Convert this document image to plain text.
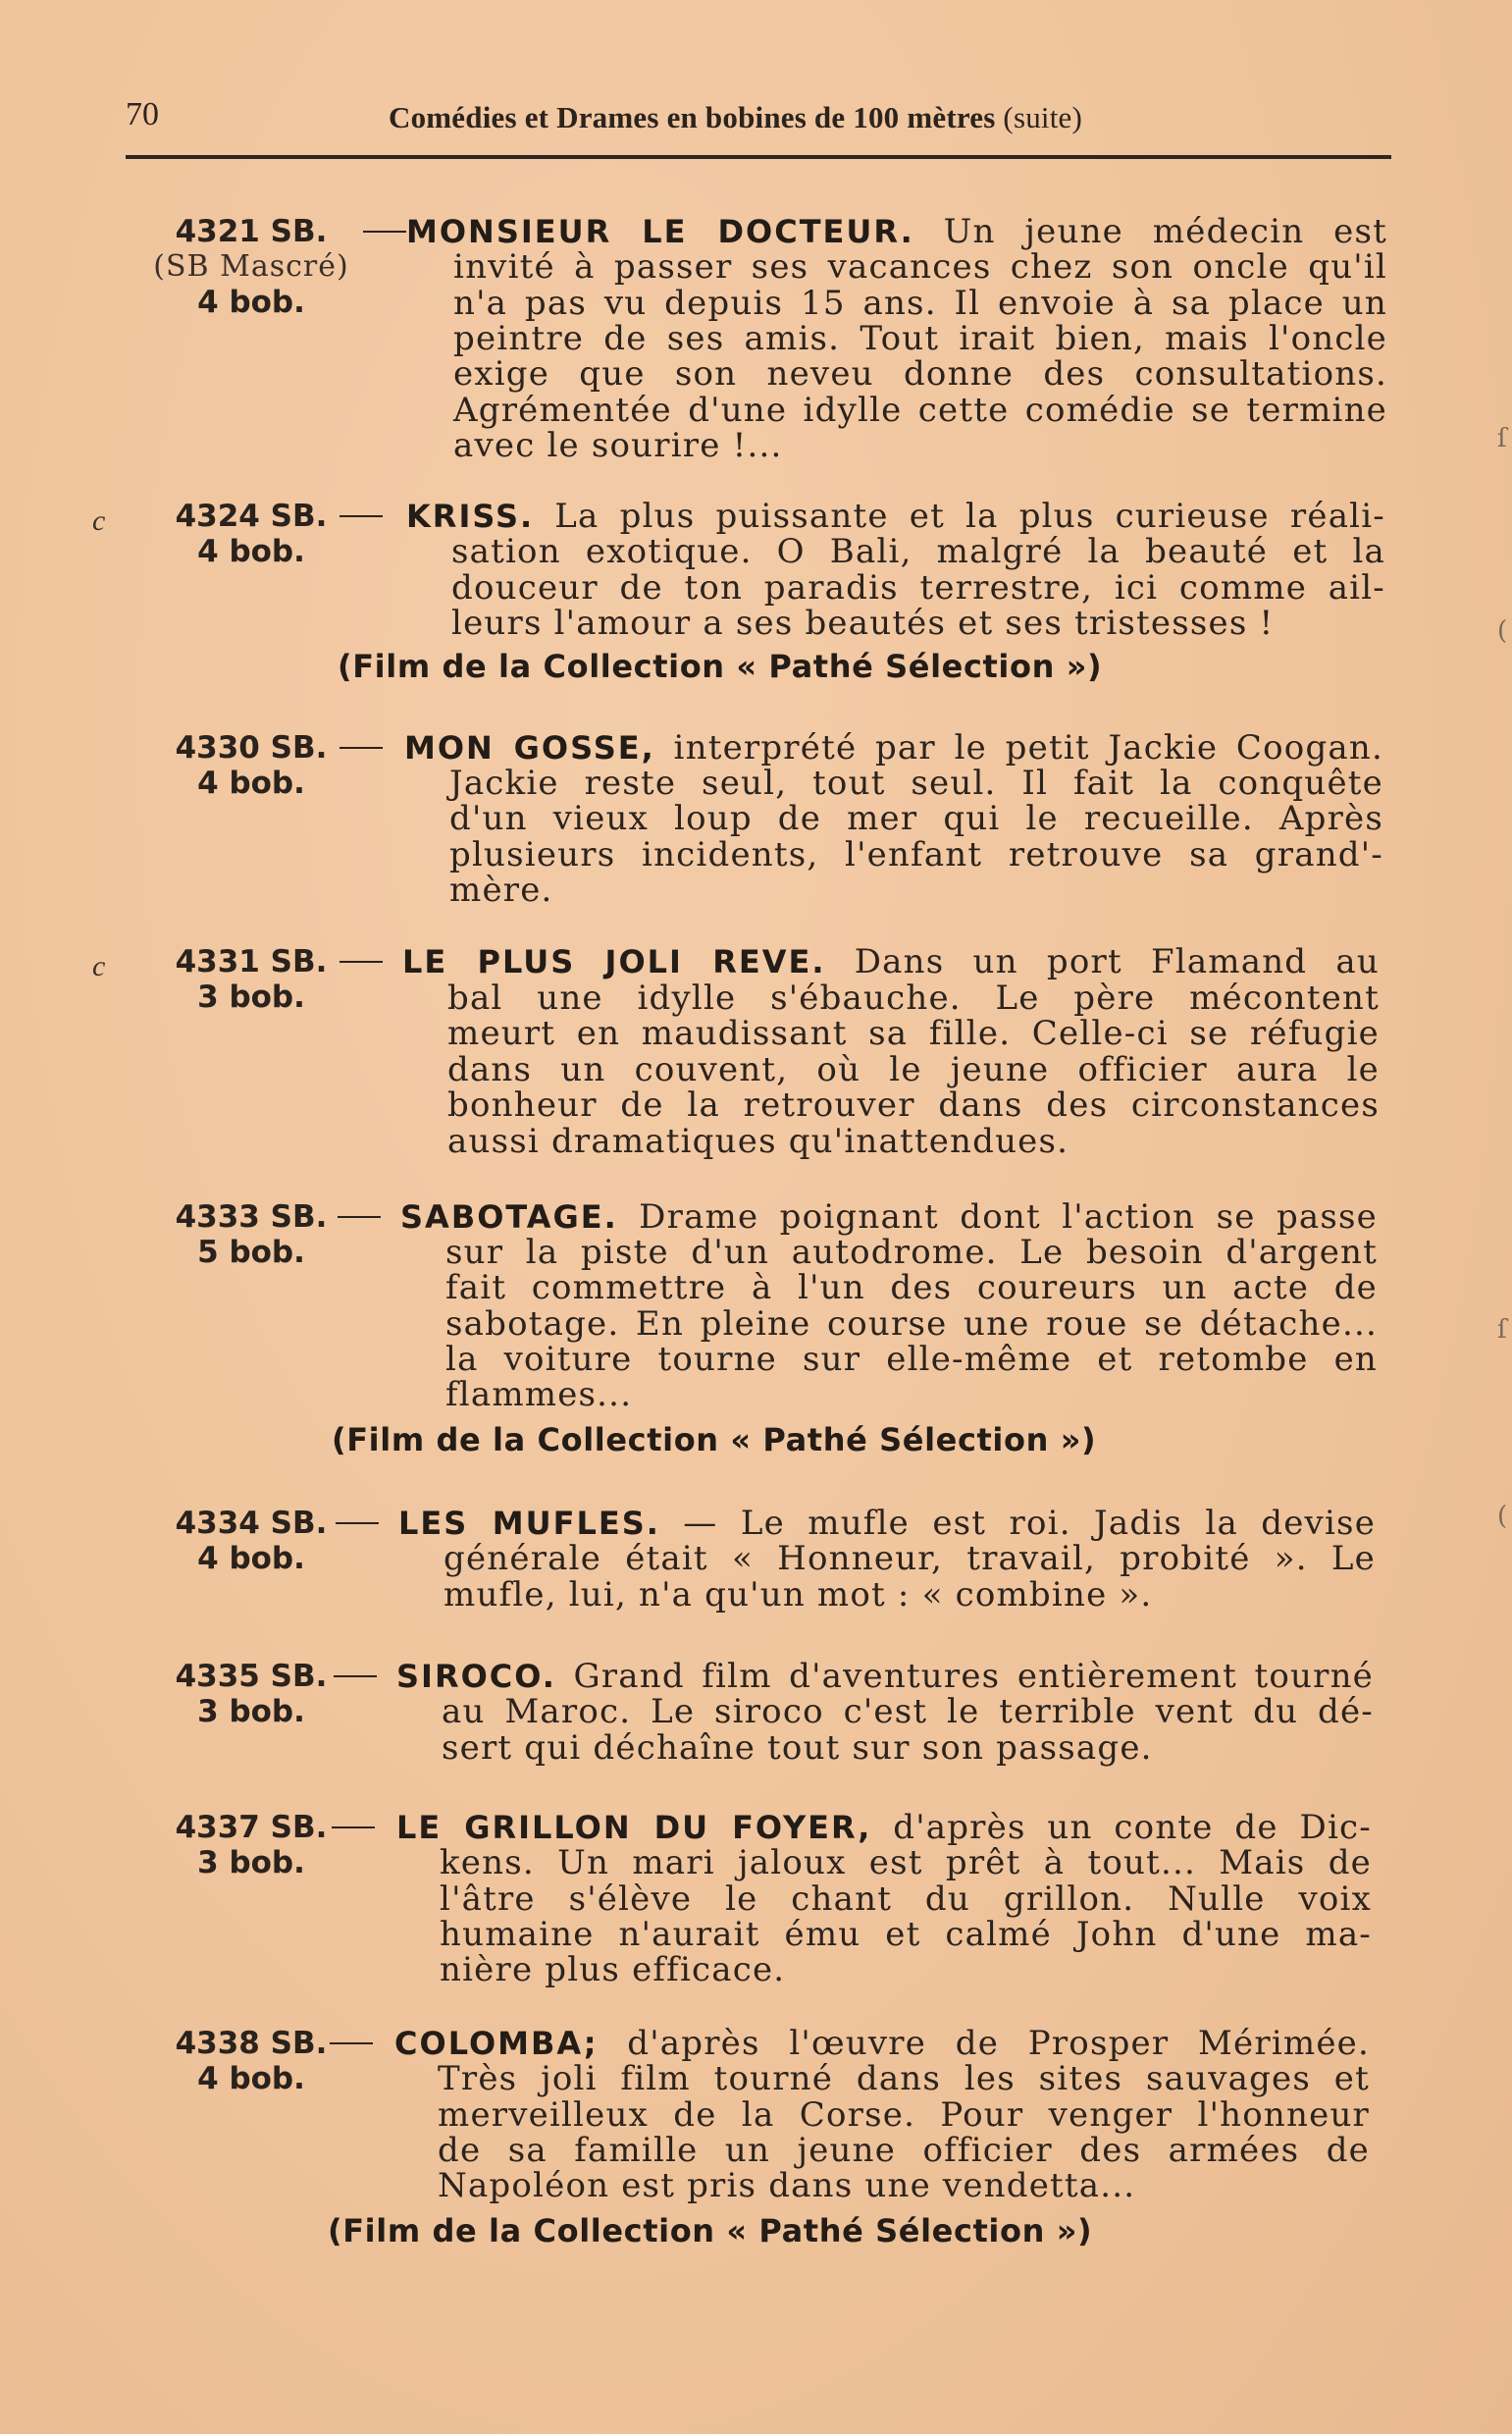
70	Comédies et Drames en bobines de 100 mètres (suite)
4321 SB.
(SB Mascré)
4 bob.
MONSIEUR LE DOCTEUR. Un jeune médecin est
invité à passer ses vacances chez son oncle qu'il
n'a pas vu depuis 15 ans. Il envoie à sa place un
peintre de ses amis. Tout irait bien, mais l'oncle
exige que son neveu donne des consultations.
Agrémentée d'une idylle cette comédie se termine
avec le sourire !...
c	4324 SB.
4 bob.
KRISS. La plus puissante et la plus curieuse réali-
sation exotique. O Bali, malgré la beauté et la
douceur de ton paradis terrestre, ici comme ail-
leurs l'amour a ses beautés et ses tristesses !
(Film de la Collection « Pathé Sélection »)
4330 SB.
4 bob.
MON GOSSE, interprété par le petit Jackie Coogan.
Jackie reste seul, tout seul. Il fait la conquête
d'un vieux loup de mer qui le recueille. Après
plusieurs incidents, l'enfant retrouve sa grand'-
mère.
c	4331 SB.
3 bob.
LE PLUS JOLI REVE. Dans un port Flamand au
bal une idylle s'ébauche. Le père mécontent
meurt en maudissant sa fille. Celle-ci se réfugie
dans un couvent, où le jeune officier aura le
bonheur de la retrouver dans des circonstances
aussi dramatiques qu'inattendues.
4333 SB.
5 bob.
SABOTAGE. Drame poignant dont l'action se passe
sur la piste d'un autodrome. Le besoin d'argent
fait commettre à l'un des coureurs un acte de
sabotage. En pleine course une roue se détache...
la voiture tourne sur elle-même et retombe en
flammes...
(Film de la Collection « Pathé Sélection »)
4334 SB.
4 bob.
LES MUFLES. — Le mufle est roi. Jadis la devise
générale était « Honneur, travail, probité ». Le
mufle, lui, n'a qu'un mot : « combine ».
4335 SB.
3 bob.
SIROCO. Grand film d'aventures entièrement tourné
au Maroc. Le siroco c'est le terrible vent du dé-
sert qui déchaîne tout sur son passage.
4337 SB.
3 bob.
LE GRILLON DU FOYER, d'après un conte de Dic-
kens. Un mari jaloux est prêt à tout... Mais de
l'âtre s'élève le chant du grillon. Nulle voix
humaine n'aurait ému et calmé John d'une ma-
nière plus efficace.
4338 SB.
4 bob.
COLOMBA; d'après l'œuvre de Prosper Mérimée.
Très joli film tourné dans les sites sauvages et
merveilleux de la Corse. Pour venger l'honneur
de sa famille un jeune officier des armées de
Napoléon est pris dans une vendetta...
(Film de la Collection « Pathé Sélection »)
ſ
(
ſ
(
